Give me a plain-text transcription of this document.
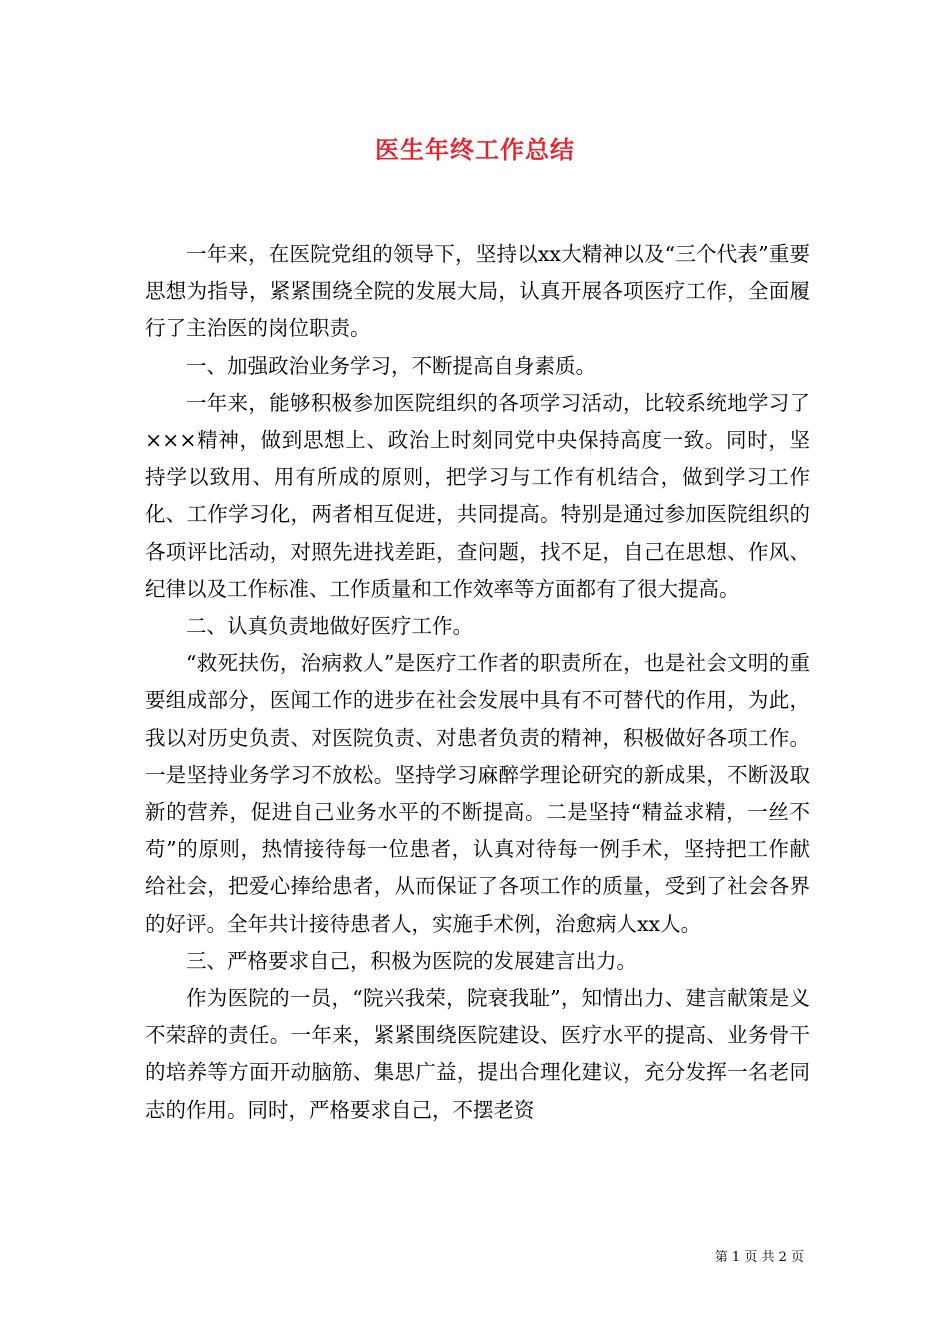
医生年终工作总结

一年来，在医院党组的领导下，坚持以xx大精神以及“三个代表”重要思想为指导，紧紧围绕全院的发展大局，认真开展各项医疗工作，全面履行了主治医的岗位职责。

一、加强政治业务学习，不断提高自身素质。

一年来，能够积极参加医院组织的各项学习活动，比较系统地学习了×××精神，做到思想上、政治上时刻同党中央保持高度一致。同时，坚持学以致用、用有所成的原则，把学习与工作有机结合，做到学习工作化、工作学习化，两者相互促进，共同提高。特别是通过参加医院组织的各项评比活动，对照先进找差距，查问题，找不足，自己在思想、作风、纪律以及工作标准、工作质量和工作效率等方面都有了很大提高。

二、认真负责地做好医疗工作。

“救死扶伤，治病救人”是医疗工作者的职责所在，也是社会文明的重要组成部分，医闻工作的进步在社会发展中具有不可替代的作用，为此，我以对历史负责、对医院负责、对患者负责的精神，积极做好各项工作。一是坚持业务学习不放松。坚持学习麻醉学理论研究的新成果，不断汲取新的营养，促进自己业务水平的不断提高。二是坚持“精益求精，一丝不苟”的原则，热情接待每一位患者，认真对待每一例手术，坚持把工作献给社会，把爱心捧给患者，从而保证了各项工作的质量，受到了社会各界的好评。全年共计接待患者人，实施手术例，治愈病人xx人。

三、严格要求自己，积极为医院的发展建言出力。

作为医院的一员，“院兴我荣，院衰我耻”，知情出力、建言献策是义不荣辞的责任。一年来，紧紧围绕医院建设、医疗水平的提高、业务骨干的培养等方面开动脑筋、集思广益，提出合理化建议，充分发挥一名老同志的作用。同时，严格要求自己，不摆老资

第 1 页 共 2 页
